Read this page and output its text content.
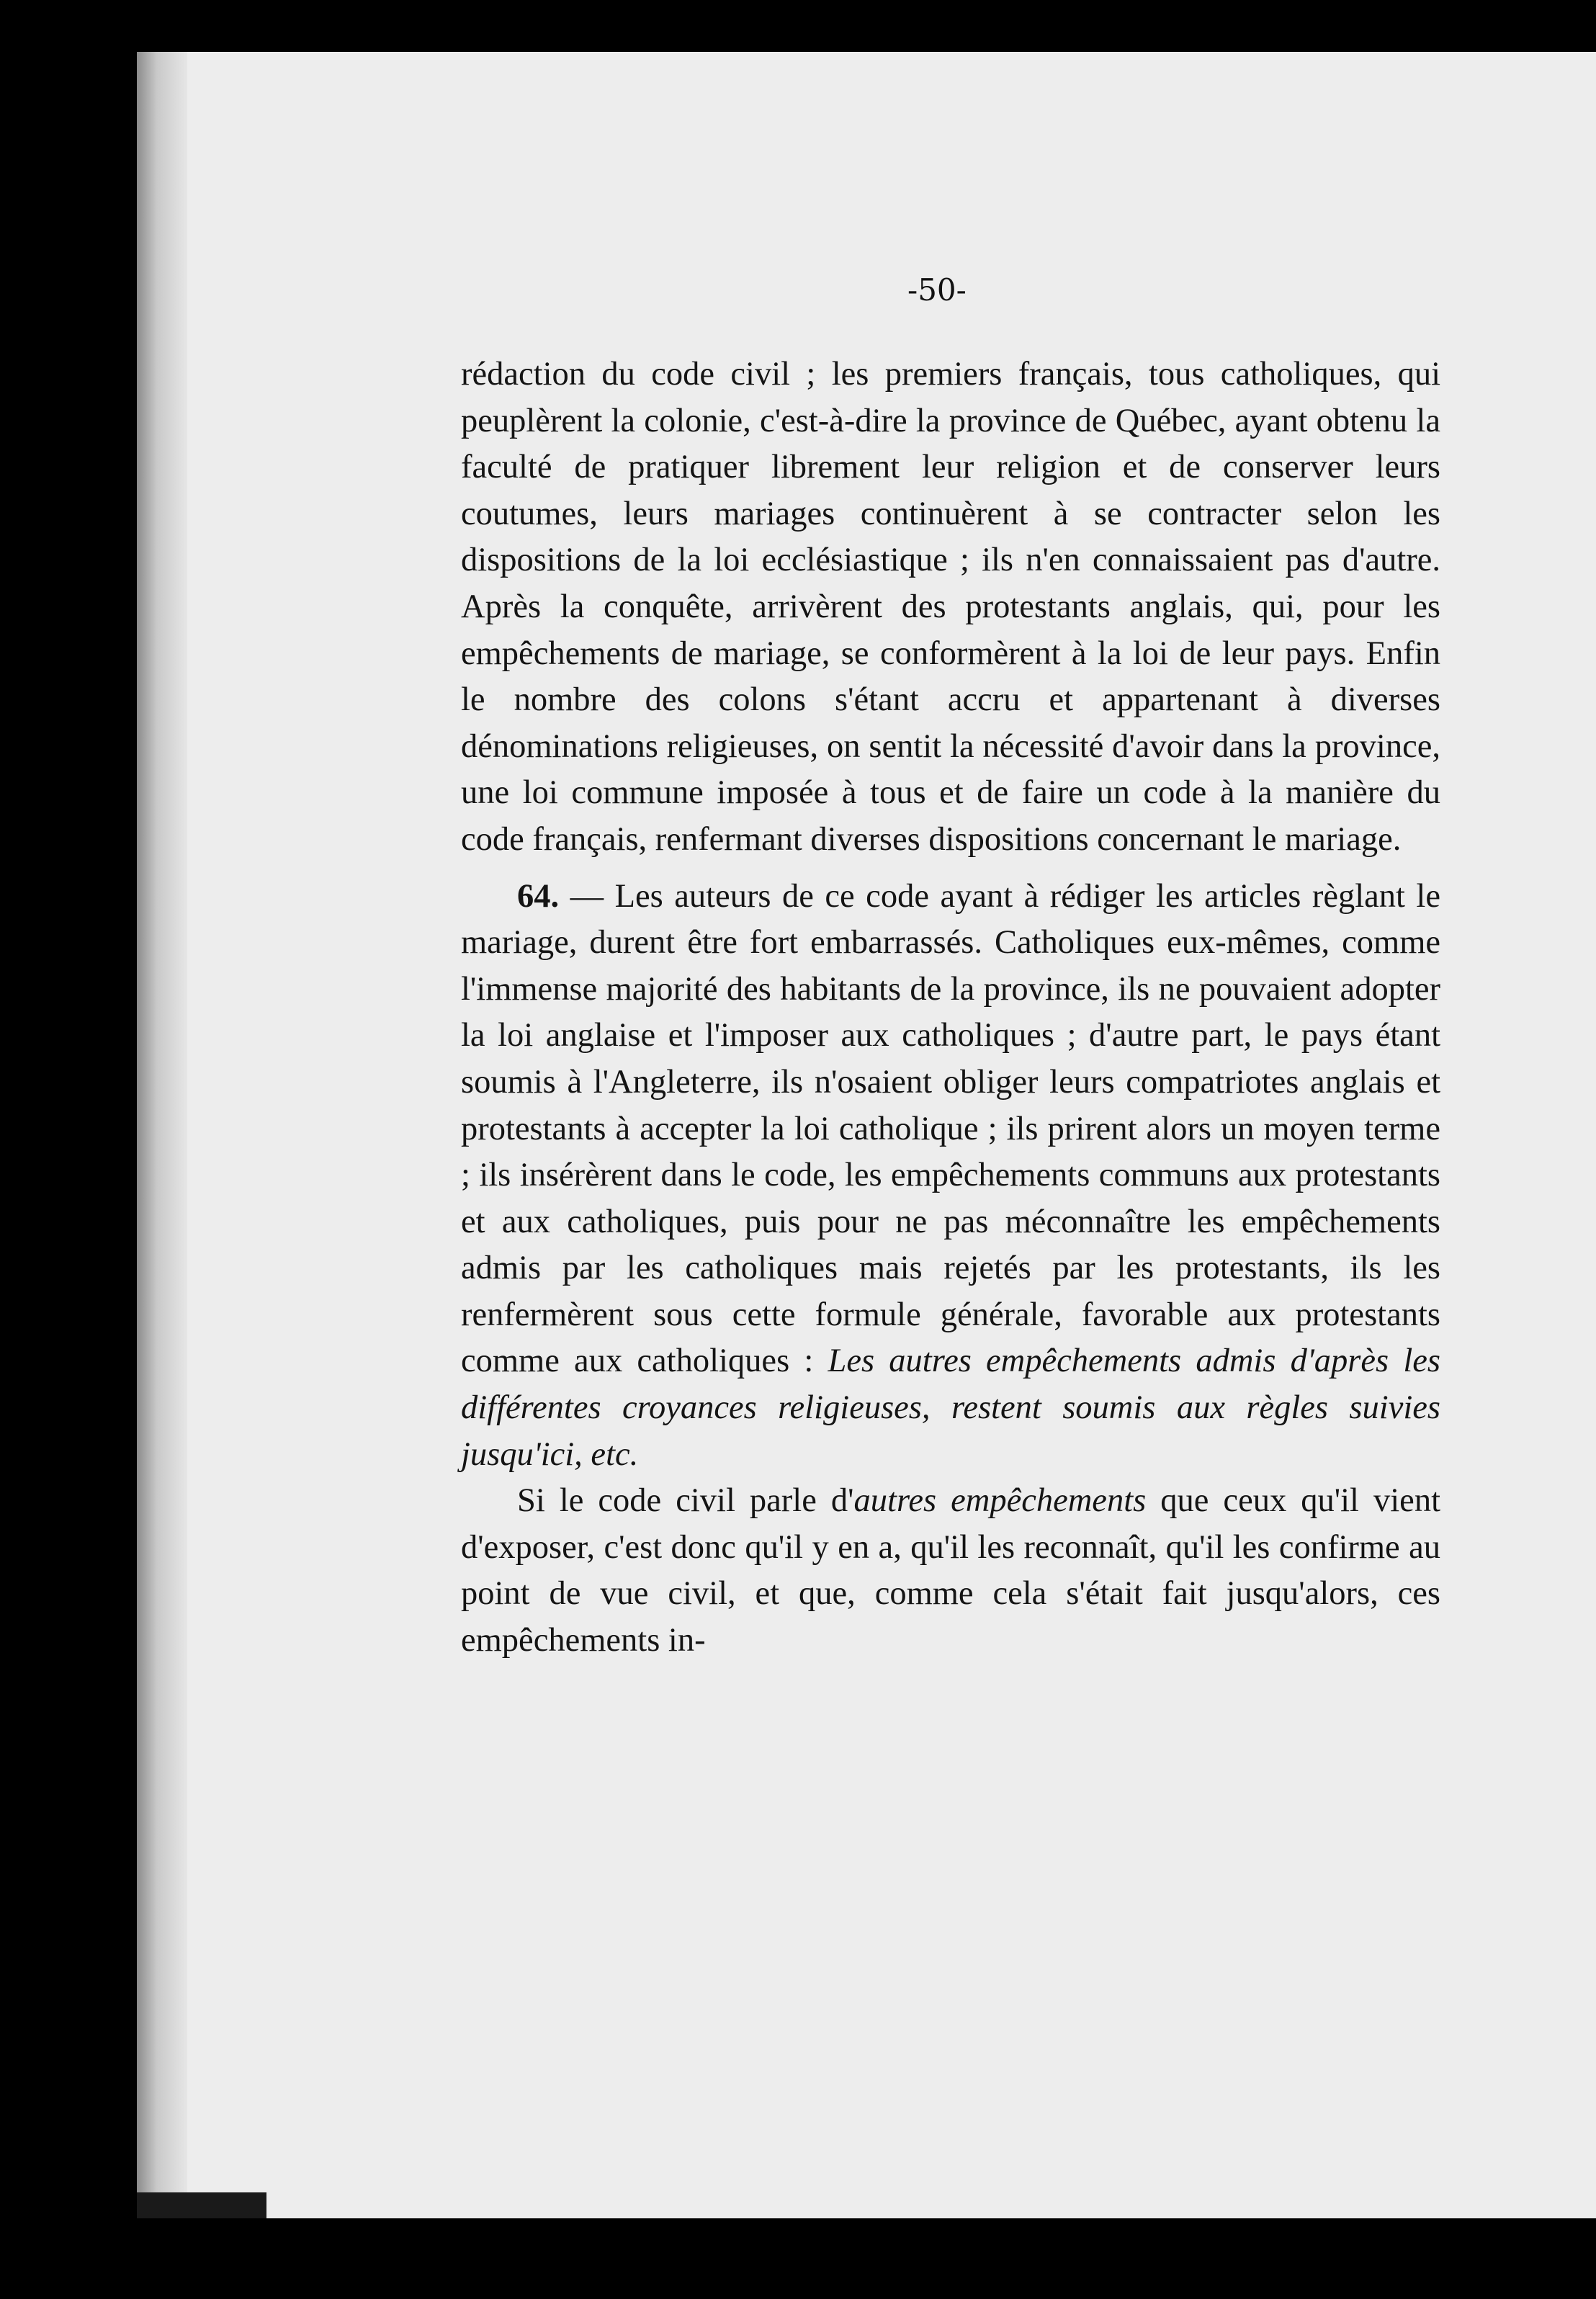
-50-

rédaction du code civil ; les premiers français, tous catholiques, qui peuplèrent la colonie, c'est-à-dire la province de Québec, ayant obtenu la faculté de pratiquer librement leur religion et de conserver leurs coutumes, leurs mariages continuèrent à se contracter selon les dispositions de la loi ecclésiastique ; ils n'en connaissaient pas d'autre. Après la conquête, arrivèrent des protestants anglais, qui, pour les empêchements de mariage, se conformèrent à la loi de leur pays. Enfin le nombre des colons s'étant accru et appartenant à diverses dénominations religieuses, on sentit la nécessité d'avoir dans la province, une loi commune imposée à tous et de faire un code à la manière du code français, renfermant diverses dispositions concernant le mariage.

64. — Les auteurs de ce code ayant à rédiger les articles règlant le mariage, durent être fort embarrassés. Catholiques eux-mêmes, comme l'immense majorité des habitants de la province, ils ne pouvaient adopter la loi anglaise et l'imposer aux catholiques ; d'autre part, le pays étant soumis à l'Angleterre, ils n'osaient obliger leurs compatriotes anglais et protestants à accepter la loi catholique ; ils prirent alors un moyen terme ; ils insérèrent dans le code, les empêchements communs aux protestants et aux catholiques, puis pour ne pas méconnaître les empêchements admis par les catholiques mais rejetés par les protestants, ils les renfermèrent sous cette formule générale, favorable aux protestants comme aux catholiques : Les autres empêchements admis d'après les différentes croyances religieuses, restent soumis aux règles suivies jusqu'ici, etc.

Si le code civil parle d'autres empêchements que ceux qu'il vient d'exposer, c'est donc qu'il y en a, qu'il les reconnaît, qu'il les confirme au point de vue civil, et que, comme cela s'était fait jusqu'alors, ces empêchements in-
